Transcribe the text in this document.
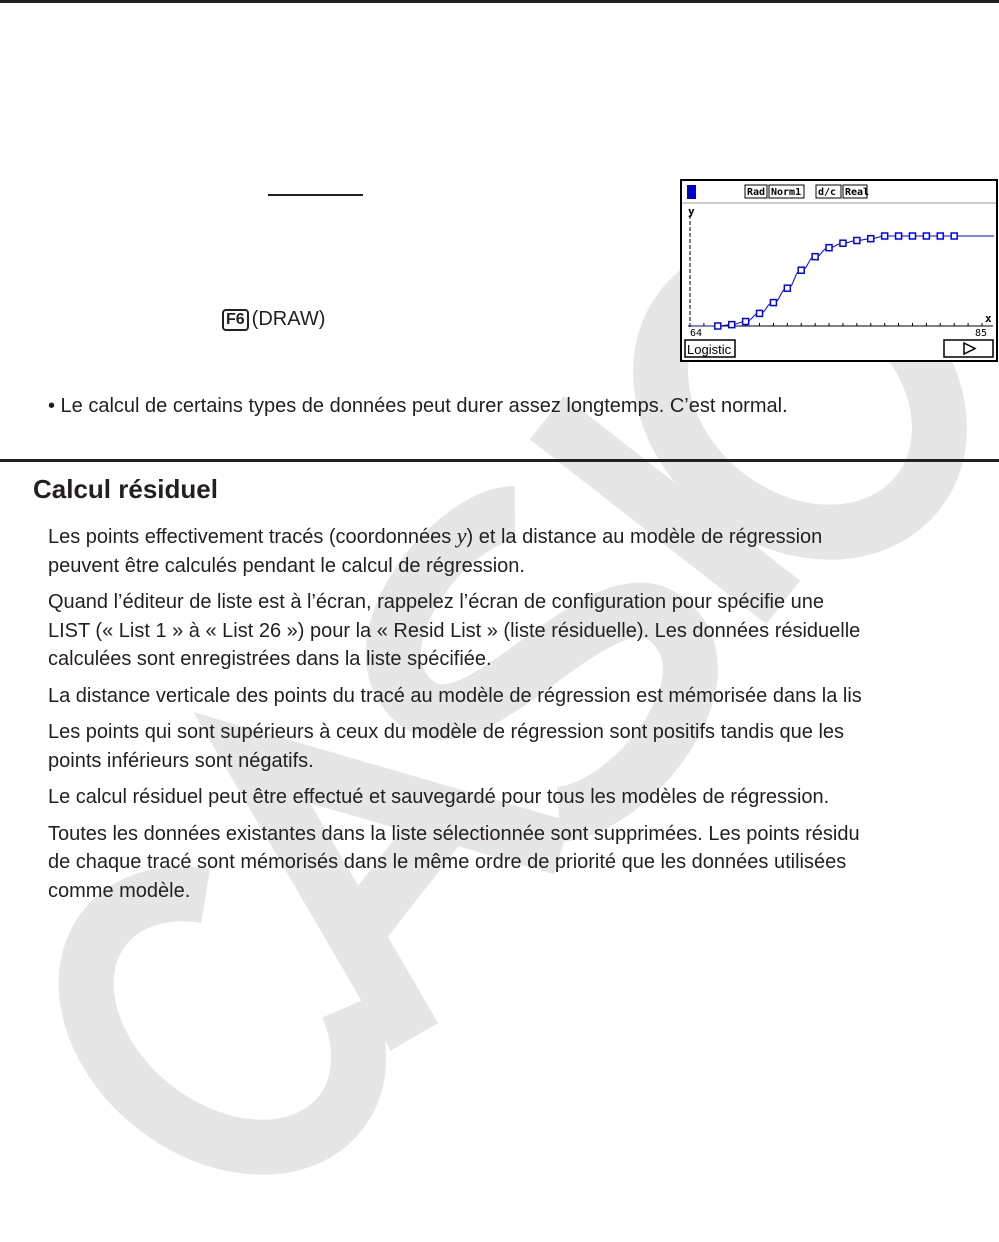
F6 (DRAW)
Rad Norm1 d/c Real
y
x
64	85
Logistic
• Le calcul de certains types de données peut durer assez longtemps. C’est normal.
Calcul résiduel

Les points effectivement tracés (coordonnées y) et la distance au modèle de régression
peuvent être calculés pendant le calcul de régression.

Quand l’éditeur de liste est à l’écran, rappelez l’écran de configuration pour spécifie une
LIST (« List 1 » à « List 26 ») pour la « Resid List » (liste résiduelle). Les données résiduelle
calculées sont enregistrées dans la liste spécifiée.

La distance verticale des points du tracé au modèle de régression est mémorisée dans la lis

Les points qui sont supérieurs à ceux du modèle de régression sont positifs tandis que les
points inférieurs sont négatifs.

Le calcul résiduel peut être effectué et sauvegardé pour tous les modèles de régression.

Toutes les données existantes dans la liste sélectionnée sont supprimées. Les points résidu
de chaque tracé sont mémorisés dans le même ordre de priorité que les données utilisées
comme modèle.
